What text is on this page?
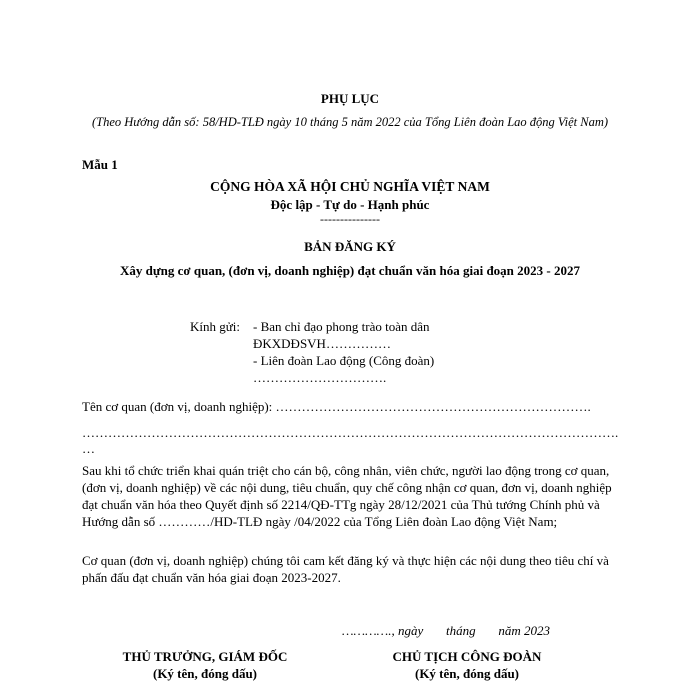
PHỤ LỤC
(Theo Hướng dẫn số: 58/HD-TLĐ ngày 10 tháng 5 năm 2022 của Tổng Liên đoàn Lao động Việt Nam)
Mẫu 1
CỘNG HÒA XÃ HỘI CHỦ NGHĨA VIỆT NAM
Độc lập - Tự do - Hạnh phúc
---------------
BẢN ĐĂNG KÝ
Xây dựng cơ quan, (đơn vị, doanh nghiệp) đạt chuẩn văn hóa giai đoạn 2023 - 2027
Kính gửi: - Ban chỉ đạo phong trào toàn dân
ĐKXDĐSVH……………
- Liên đoàn Lao động (Công đoàn)
………………………….
Tên cơ quan (đơn vị, doanh nghiệp): ……………………………………………………………….
…………………………………………………………………………………………………………….
…
Sau khi tổ chức triển khai quán triệt cho cán bộ, công nhân, viên chức, người lao động trong cơ quan, (đơn vị, doanh nghiệp) về các nội dung, tiêu chuẩn, quy chế công nhận cơ quan, đơn vị, doanh nghiệp đạt chuẩn văn hóa theo Quyết định số 2214/QĐ-TTg ngày 28/12/2021 của Thủ tướng Chính phủ và Hướng dẫn số …………/HD-TLĐ ngày /04/2022 của Tổng Liên đoàn Lao động Việt Nam;
Cơ quan (đơn vị, doanh nghiệp) chúng tôi cam kết đăng ký và thực hiện các nội dung theo tiêu chí và phấn đấu đạt chuẩn văn hóa giai đoạn 2023-2027.
…………., ngày       tháng       năm 2023
THỦ TRƯỞNG, GIÁM ĐỐC
(Ký tên, đóng dấu)
CHỦ TỊCH CÔNG ĐOÀN
(Ký tên, đóng dấu)
